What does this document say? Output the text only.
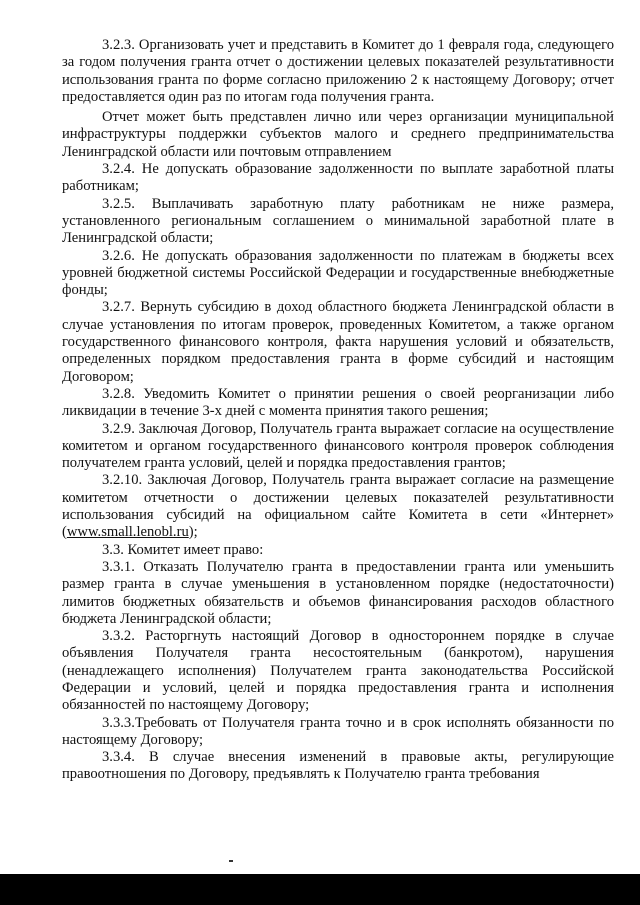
3.2.3. Организовать учет и представить в Комитет до 1 февраля года, следующего за годом получения гранта отчет о достижении целевых показателей результативности использования гранта по форме согласно приложению 2 к настоящему Договору; отчет предоставляется один раз по итогам года получения гранта.

Отчет может быть представлен лично или через организации муниципальной инфраструктуры поддержки субъектов малого и среднего предпринимательства Ленинградской области или почтовым отправлением

3.2.4. Не допускать образование задолженности по выплате заработной платы работникам;

3.2.5. Выплачивать заработную плату работникам не ниже размера, установленного региональным соглашением о минимальной заработной плате в Ленинградской области;

3.2.6. Не допускать образования задолженности по платежам в бюджеты всех уровней бюджетной системы Российской Федерации и государственные внебюджетные фонды;

3.2.7. Вернуть субсидию в доход областного бюджета Ленинградской области в случае установления по итогам проверок, проведенных Комитетом, а также органом государственного финансового контроля, факта нарушения условий и обязательств, определенных порядком предоставления гранта в форме субсидий и настоящим Договором;

3.2.8. Уведомить Комитет о принятии решения о своей реорганизации либо ликвидации в течение 3-х дней с момента принятия такого решения;

3.2.9. Заключая Договор, Получатель гранта выражает согласие на осуществление комитетом и органом государственного финансового контроля проверок соблюдения получателем гранта условий, целей и порядка предоставления грантов;

3.2.10. Заключая Договор, Получатель гранта выражает согласие на размещение комитетом отчетности о достижении целевых показателей результативности использования субсидий на официальном сайте Комитета в сети «Интернет» (www.small.lenobl.ru);

3.3. Комитет имеет право:

3.3.1. Отказать Получателю гранта в предоставлении гранта или уменьшить размер гранта в случае уменьшения в установленном порядке (недостаточности) лимитов бюджетных обязательств и объемов финансирования расходов областного бюджета Ленинградской области;

3.3.2. Расторгнуть настоящий Договор в одностороннем порядке в случае объявления Получателя гранта несостоятельным (банкротом), нарушения (ненадлежащего исполнения) Получателем гранта законодательства Российской Федерации и условий, целей и порядка предоставления гранта и исполнения обязанностей по настоящему Договору;

3.3.3.Требовать от Получателя гранта точно и в срок исполнять обязанности по настоящему Договору;

3.3.4. В случае внесения изменений в правовые акты, регулирующие правоотношения по Договору, предъявлять к Получателю гранта требования
